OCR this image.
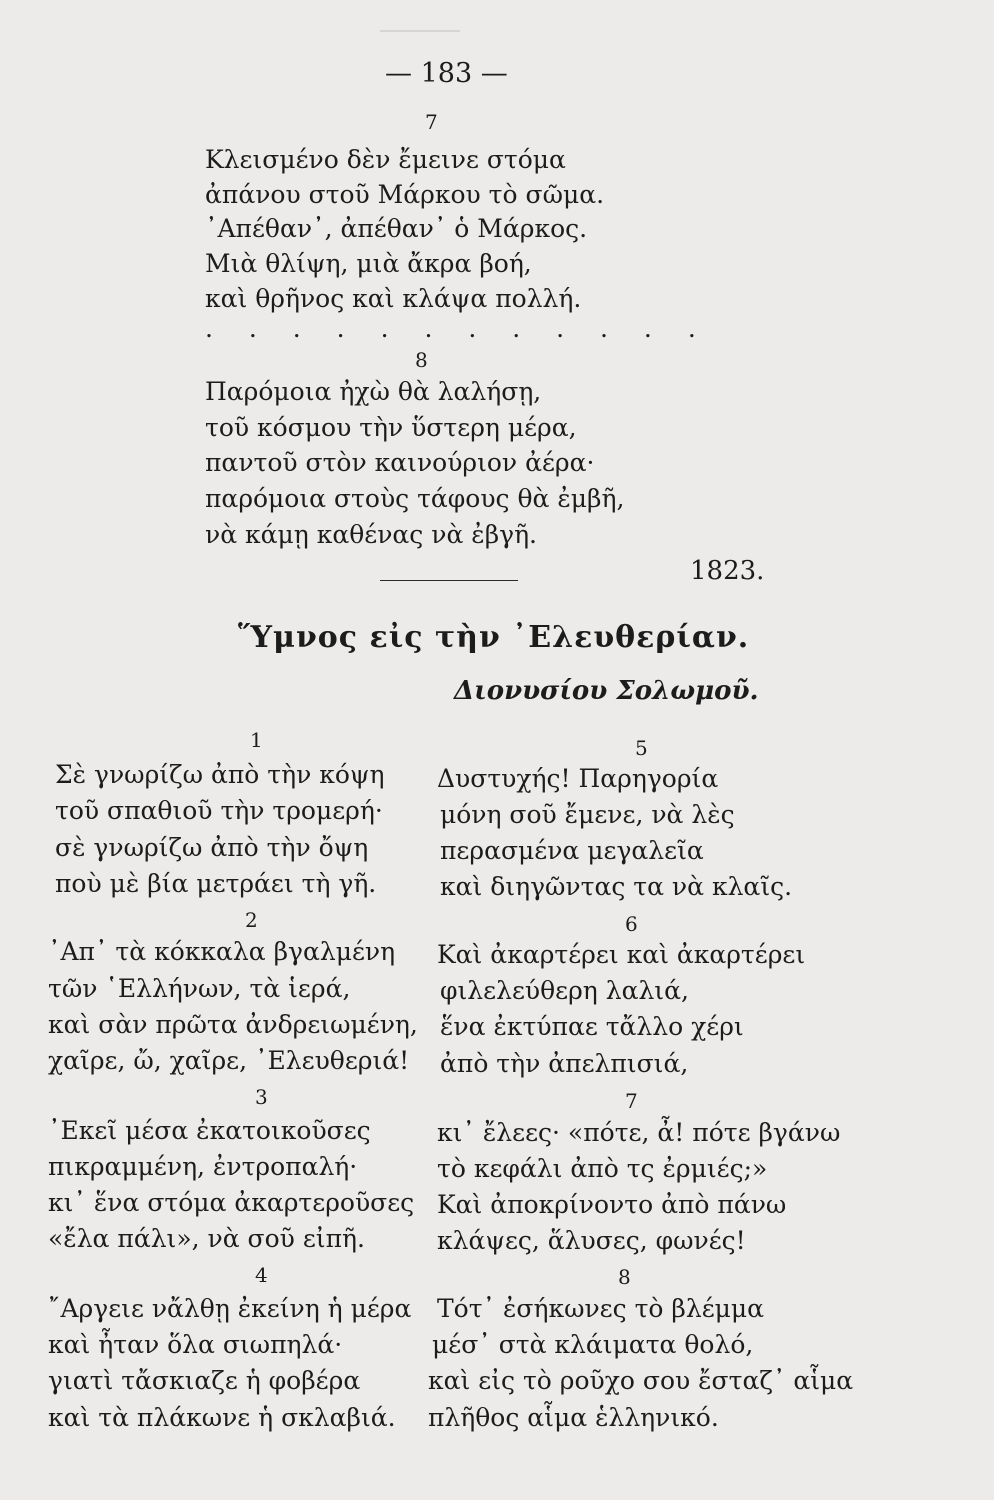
— 183 —
7
Κλεισμένο δὲν ἔμεινε στόμα
ἀπάνου στοῦ Μάρκου τὸ σῶμα.
᾿Απέθαν᾿, ἀπέθαν᾿ ὁ Μάρκος.
Μιὰ θλίψη, μιὰ ἄκρα βοή,
καὶ θρῆνος καὶ κλάψα πολλή.
. . . . . . . . . . . .
8
Παρόμοια ἠχὼ θὰ λαλήσῃ,
τοῦ κόσμου τὴν ὕστερη μέρα,
παντοῦ στὸν καινούριον ἀέρα·
παρόμοια στοὺς τάφους θὰ ἐμβῆ,
νὰ κάμῃ καθένας νὰ ἐβγῆ.
1823.
Ὕμνος εἰς τὴν ᾿Ελευθερίαν.
Διονυσίου Σολωμοῦ.
1
Σὲ γνωρίζω ἀπὸ τὴν κόψη
τοῦ σπαθιοῦ τὴν τρομερή·
σὲ γνωρίζω ἀπὸ τὴν ὄψη
ποὺ μὲ βία μετράει τὴ γῆ.
2
᾿Απ᾿ τὰ κόκκαλα βγαλμένη
τῶν ῾Ελλήνων, τὰ ἱερά,
καὶ σὰν πρῶτα ἀνδρειωμένη,
χαῖρε, ὤ, χαῖρε, ᾿Ελευθεριά!
3
᾿Εκεῖ μέσα ἐκατοικοῦσες
πικραμμένη, ἐντροπαλή·
κι᾿ ἕνα στόμα ἀκαρτεροῦσες
«ἔλα πάλι», νὰ σοῦ εἰπῆ.
4
῎Αργειε νἄλθῃ ἐκείνη ἡ μέρα
καὶ ἦταν ὅλα σιωπηλά·
γιατὶ τἄσκιαζε ἡ φοβέρα
καὶ τὰ πλάκωνε ἡ σκλαβιά.
5
Δυστυχής! Παρηγορία
μόνη σοῦ ἔμενε, νὰ λὲς
περασμένα μεγαλεῖα
καὶ διηγῶντας τα νὰ κλαῖς.
6
Καὶ ἀκαρτέρει καὶ ἀκαρτέρει
φιλελεύθερη λαλιά,
ἕνα ἐκτύπαε τἄλλο χέρι
ἀπὸ τὴν ἀπελπισιά,
7
κι᾿ ἔλεες· «πότε, ἆ! πότε βγάνω
τὸ κεφάλι ἀπὸ τς ἐρμιές;»
Καὶ ἀποκρίνοντο ἀπὸ πάνω
κλάψες, ἅλυσες, φωνές!
8
Τότ᾿ ἐσήκωνες τὸ βλέμμα
μέσ᾿ στὰ κλάιματα θολό,
καὶ εἰς τὸ ροῦχο σου ἔσταζ᾿ αἷμα
πλῆθος αἷμα ἑλληνικό.
